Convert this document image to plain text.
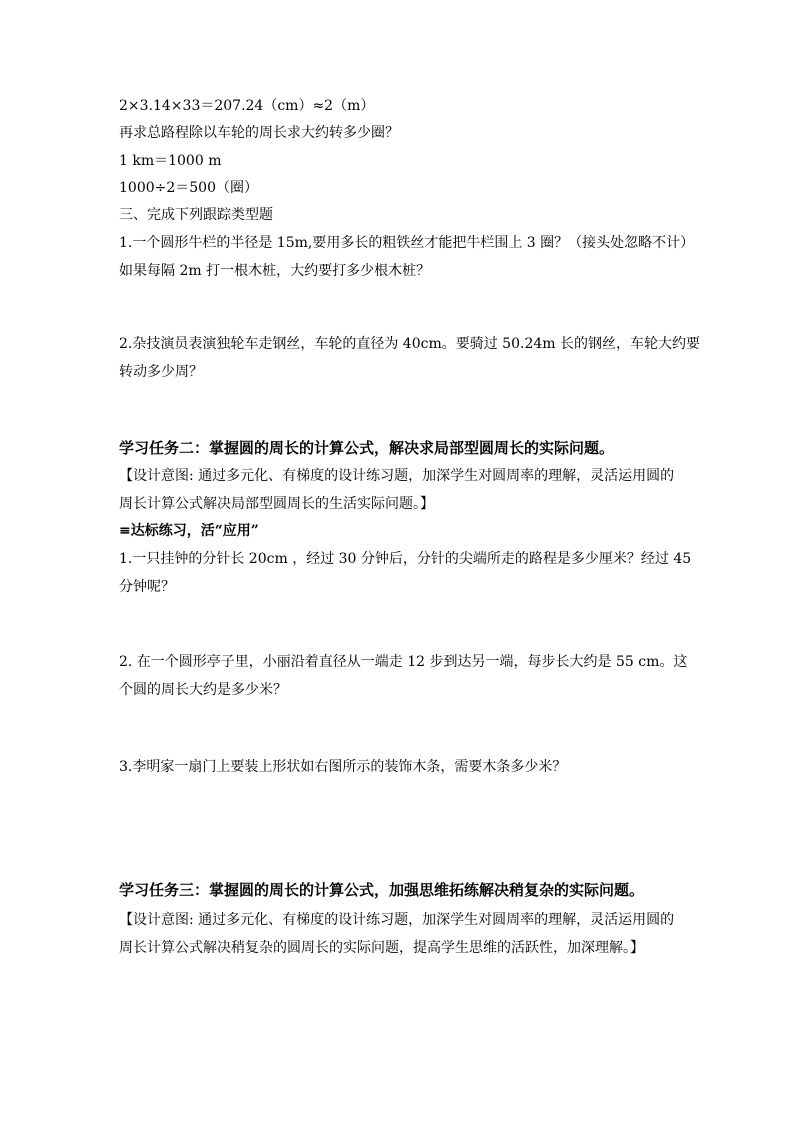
2×3.14×33＝207.24（cm）≈2（m）
再求总路程除以车轮的周长求大约转多少圈？
1 km＝1000 m
1000÷2＝500（圈）
三、完成下列跟踪类型题
1.一个圆形牛栏的半径是 15m,要用多长的粗铁丝才能把牛栏围上 3 圈？（接头处忽略不计）
如果每隔 2m 打一根木桩，大约要打多少根木桩？
2.杂技演员表演独轮车走钢丝，车轮的直径为 40cm。要骑过 50.24m 长的钢丝，车轮大约要
转动多少周？
学习任务二：掌握圆的周长的计算公式，解决求局部型圆周长的实际问题。
【设计意图: 通过多元化、有梯度的设计练习题，加深学生对圆周率的理解，灵活运用圆的
周长计算公式解决局部型圆周长的生活实际问题。】
≡达标练习，活“应用”
1.一只挂钟的分针长 20cm ，经过 30 分钟后，分针的尖端所走的路程是多少厘米？经过 45
分钟呢？
2. 在一个圆形亭子里，小丽沿着直径从一端走 12 步到达另一端，每步长大约是 55 cm。这
个圆的周长大约是多少米？
3.李明家一扇门上要装上形状如右图所示的装饰木条，需要木条多少米？
学习任务三：掌握圆的周长的计算公式，加强思维拓练解决稍复杂的实际问题。
【设计意图: 通过多元化、有梯度的设计练习题，加深学生对圆周率的理解，灵活运用圆的
周长计算公式解决稍复杂的圆周长的实际问题，提高学生思维的活跃性，加深理解。】
